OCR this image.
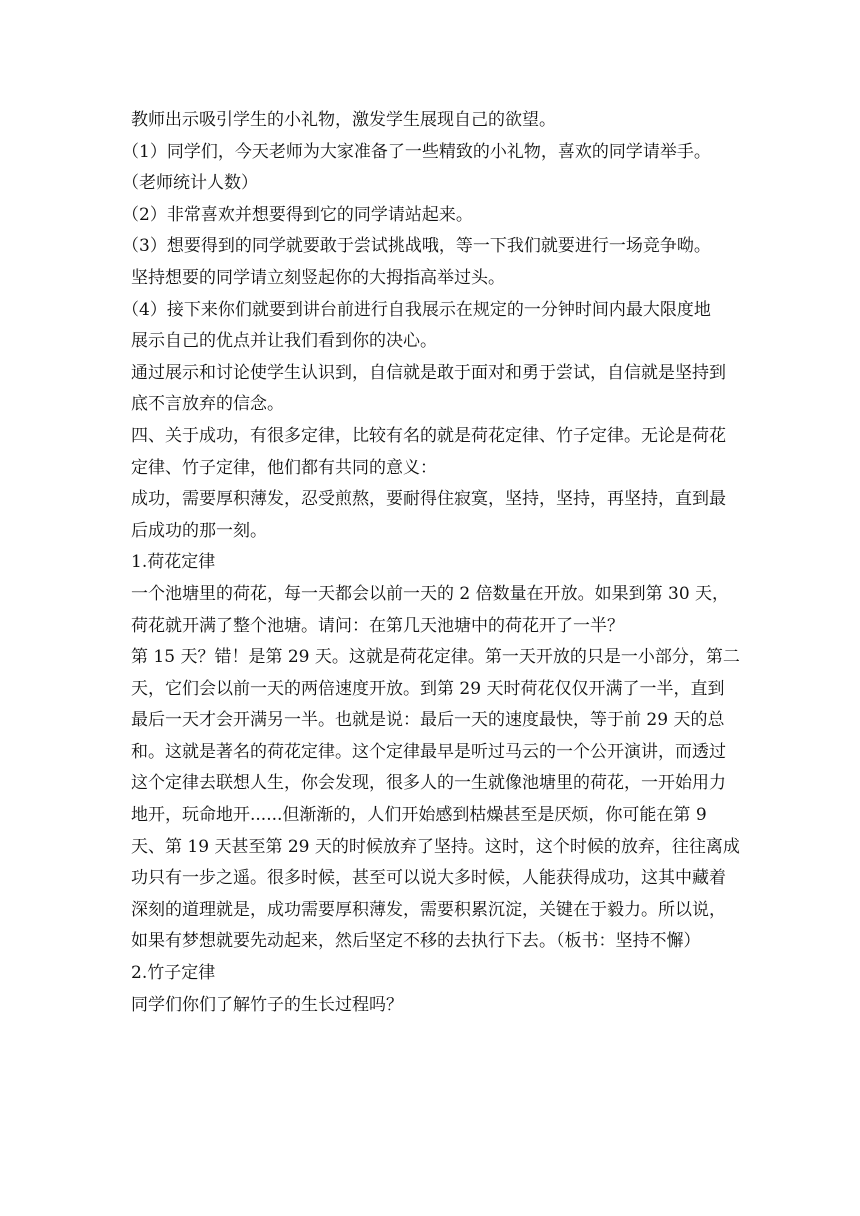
教师出示吸引学生的小礼物，激发学生展现自己的欲望。
（1）同学们，今天老师为大家准备了一些精致的小礼物，喜欢的同学请举手。
（老师统计人数）
（2）非常喜欢并想要得到它的同学请站起来。
（3）想要得到的同学就要敢于尝试挑战哦，等一下我们就要进行一场竞争呦。
坚持想要的同学请立刻竖起你的大拇指高举过头。
（4）接下来你们就要到讲台前进行自我展示在规定的一分钟时间内最大限度地
展示自己的优点并让我们看到你的决心。
通过展示和讨论使学生认识到，自信就是敢于面对和勇于尝试，自信就是坚持到
底不言放弃的信念。
四、关于成功，有很多定律，比较有名的就是荷花定律、竹子定律。无论是荷花
定律、竹子定律，他们都有共同的意义：
成功，需要厚积薄发，忍受煎熬，要耐得住寂寞，坚持，坚持，再坚持，直到最
后成功的那一刻。
1.荷花定律
一个池塘里的荷花，每一天都会以前一天的 2 倍数量在开放。如果到第 30 天，
荷花就开满了整个池塘。请问：在第几天池塘中的荷花开了一半？
第 15 天？错！是第 29 天。这就是荷花定律。第一天开放的只是一小部分，第二
天，它们会以前一天的两倍速度开放。到第 29 天时荷花仅仅开满了一半，直到
最后一天才会开满另一半。也就是说：最后一天的速度最快，等于前 29 天的总
和。这就是著名的荷花定律。这个定律最早是听过马云的一个公开演讲，而透过
这个定律去联想人生，你会发现，很多人的一生就像池塘里的荷花，一开始用力
地开，玩命地开......但渐渐的，人们开始感到枯燥甚至是厌烦，你可能在第 9
天、第 19 天甚至第 29 天的时候放弃了坚持。这时，这个时候的放弃，往往离成
功只有一步之遥。很多时候，甚至可以说大多时候，人能获得成功，这其中藏着
深刻的道理就是，成功需要厚积薄发，需要积累沉淀，关键在于毅力。所以说，
如果有梦想就要先动起来，然后坚定不移的去执行下去。（板书：坚持不懈）
2.竹子定律
同学们你们了解竹子的生长过程吗？
